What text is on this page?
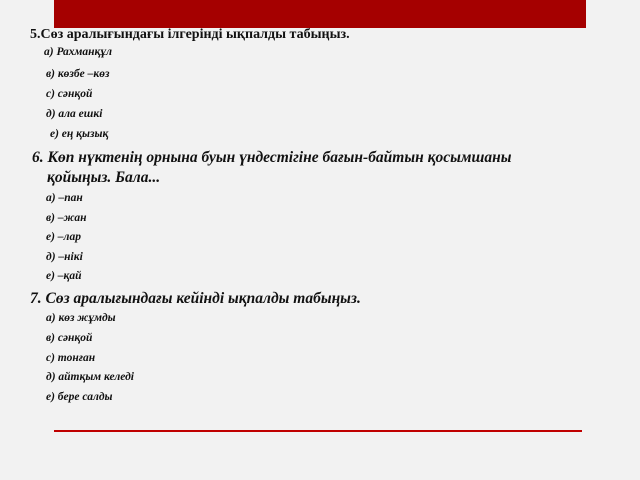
5.Сөз аралығындағы ілгерінді ықпалды табыңыз.
а) Рахманқұл
в) көзбе –көз
с) сәнқой
д) ала ешкі
е) ең қызық
6. Көп нүктенің орнына буын үндестігіне бағын-байтын қосымшаны
қойыңыз. Бала...
а) –пан
в) –жан
е) –лар
д) –нікі
е) –қай
7. Сөз аралығындағы кейінді ықпалды табыңыз.
а) көз жұмды
в) сәнқой
с) тонған
д) айтқым келеді
е) бере салды
